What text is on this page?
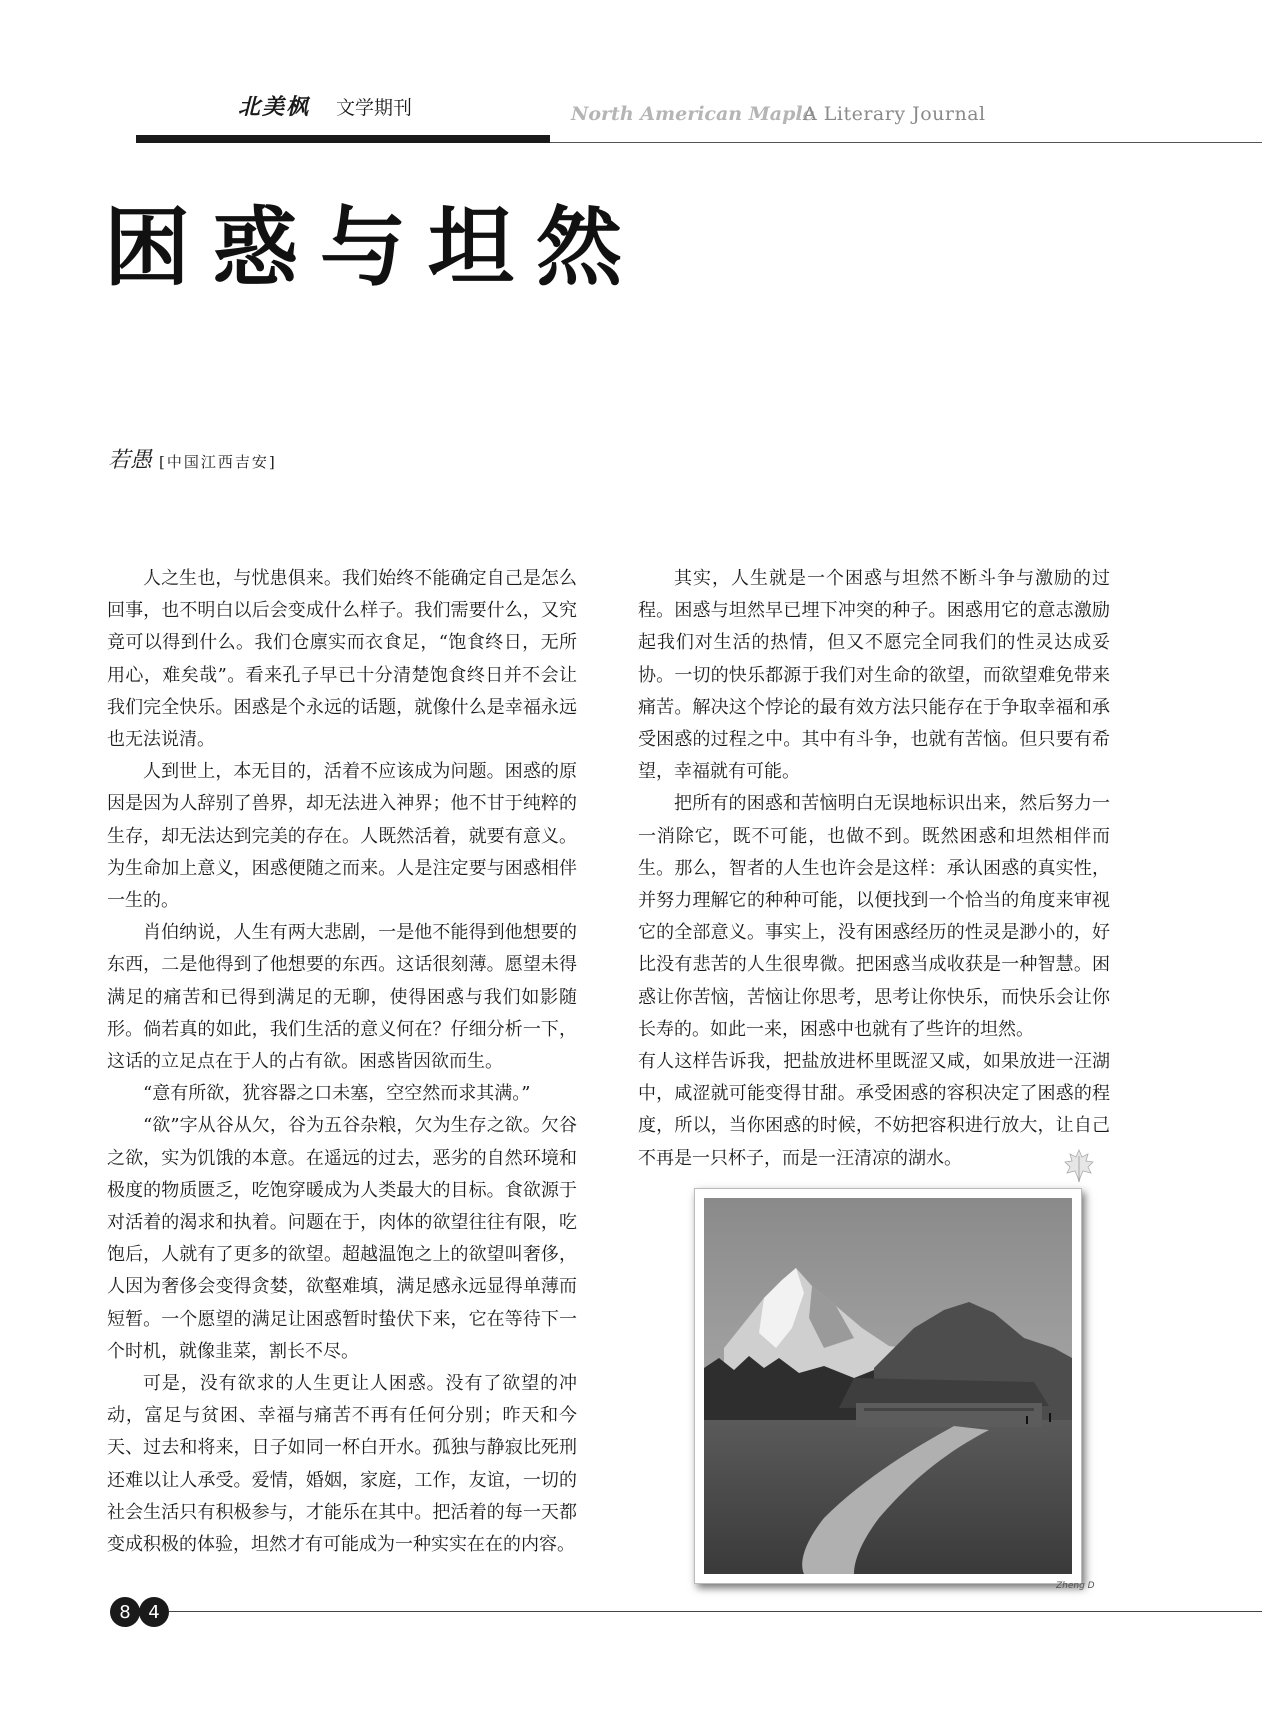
北美枫 文学期刊	North American Maple
A Literary Journal
困惑与坦然
若愚 [中国江西吉安]

人之生也，与忧患俱来。我们始终不能确定自己是怎么回事，也不明白以后会变成什么样子。我们需要什么，又究竟可以得到什么。我们仓廪实而衣食足，“饱食终日，无所用心，难矣哉”。看来孔子早已十分清楚饱食终日并不会让我们完全快乐。困惑是个永远的话题，就像什么是幸福永远也无法说清。

人到世上，本无目的，活着不应该成为问题。困惑的原因是因为人辞别了兽界，却无法进入神界；他不甘于纯粹的生存，却无法达到完美的存在。人既然活着，就要有意义。为生命加上意义，困惑便随之而来。人是注定要与困惑相伴一生的。

肖伯纳说，人生有两大悲剧，一是他不能得到他想要的东西，二是他得到了他想要的东西。这话很刻薄。愿望未得满足的痛苦和已得到满足的无聊，使得困惑与我们如影随形。倘若真的如此，我们生活的意义何在？仔细分析一下，这话的立足点在于人的占有欲。困惑皆因欲而生。

“意有所欲，犹容器之口未塞，空空然而求其满。”

“欲”字从谷从欠，谷为五谷杂粮，欠为生存之欲。欠谷之欲，实为饥饿的本意。在遥远的过去，恶劣的自然环境和极度的物质匮乏，吃饱穿暖成为人类最大的目标。食欲源于对活着的渴求和执着。问题在于，肉体的欲望往往有限，吃饱后，人就有了更多的欲望。超越温饱之上的欲望叫奢侈，人因为奢侈会变得贪婪，欲壑难填，满足感永远显得单薄而短暂。一个愿望的满足让困惑暂时蛰伏下来，它在等待下一个时机，就像韭菜，割长不尽。

可是，没有欲求的人生更让人困惑。没有了欲望的冲动，富足与贫困、幸福与痛苦不再有任何分别；昨天和今天、过去和将来，日子如同一杯白开水。孤独与静寂比死刑还难以让人承受。爱情，婚姻，家庭，工作，友谊，一切的社会生活只有积极参与，才能乐在其中。把活着的每一天都变成积极的体验，坦然才有可能成为一种实实在在的内容。

其实，人生就是一个困惑与坦然不断斗争与激励的过程。困惑与坦然早已埋下冲突的种子。困惑用它的意志激励起我们对生活的热情，但又不愿完全同我们的性灵达成妥协。一切的快乐都源于我们对生命的欲望，而欲望难免带来痛苦。解决这个悖论的最有效方法只能存在于争取幸福和承受困惑的过程之中。其中有斗争，也就有苦恼。但只要有希望，幸福就有可能。

把所有的困惑和苦恼明白无误地标识出来，然后努力一一消除它，既不可能，也做不到。既然困惑和坦然相伴而生。那么，智者的人生也许会是这样：承认困惑的真实性，并努力理解它的种种可能，以便找到一个恰当的角度来审视它的全部意义。事实上，没有困惑经历的性灵是渺小的，好比没有悲苦的人生很卑微。把困惑当成收获是一种智慧。困惑让你苦恼，苦恼让你思考，思考让你快乐，而快乐会让你长寿的。如此一来，困惑中也就有了些许的坦然。

有人这样告诉我，把盐放进杯里既涩又咸，如果放进一汪湖中，咸涩就可能变得甘甜。承受困惑的容积决定了困惑的程度，所以，当你困惑的时候，不妨把容积进行放大，让自己不再是一只杯子，而是一汪清凉的湖水。

Zheng D
8 4
